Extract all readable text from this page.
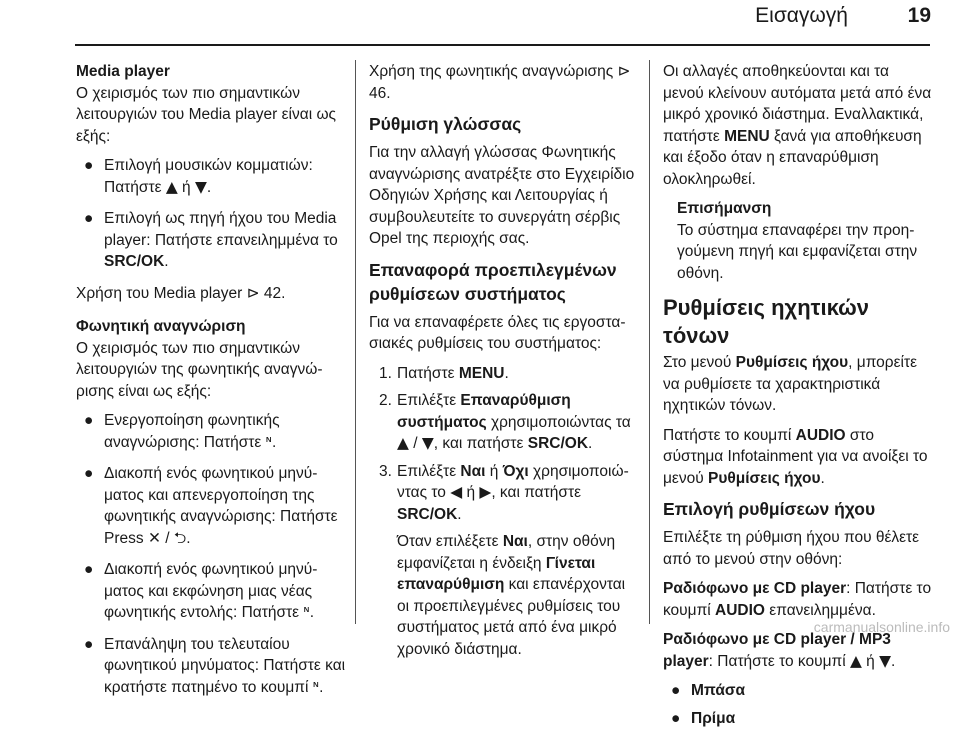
Εισαγωγή	19
Media player

Ο χειρισμός των πιο σημαντικών λειτουργιών του Media player είναι ως εξής:

● Επιλογή μουσικών κομματιών: Πατήστε ▲ ή ▼.
● Επιλογή ως πηγή ήχου του Media player: Πατήστε επανειλημμένα το SRC/OK.

Χρήση του Media player ⊳ 42.

Φωνητική αναγνώριση

Ο χειρισμός των πιο σημαντικών λειτουργιών της φωνητικής αναγνώρισης είναι ως εξής:

● Ενεργοποίηση φωνητικής αναγνώρισης: Πατήστε ᶰ.
● Διακοπή ενός φωνητικού μηνύματος και απενεργοποίηση της φωνητικής αναγνώρισης: Πατήστε Press ✕ / ⮌.
● Διακοπή ενός φωνητικού μηνύματος και εκφώνηση μιας νέας φωνητικής εντολής: Πατήστε ᶰ.
● Επανάληψη του τελευταίου φωνητικού μηνύματος: Πατήστε και κρατήστε πατημένο το κουμπί ᶰ.

Χρήση της φωνητικής αναγνώρισης ⊳ 46.

Ρύθμιση γλώσσας

Για την αλλαγή γλώσσας Φωνητικής αναγνώρισης ανατρέξτε στο Εγχειρίδιο Οδηγιών Χρήσης και Λειτουργίας ή συμβουλευτείτε το συνεργάτη σέρβις Opel της περιοχής σας.

Επαναφορά προεπιλεγμένων ρυθμίσεων συστήματος

Για να επαναφέρετε όλες τις εργοστασιακές ρυθμίσεις του συστήματος:

1. Πατήστε MENU.
2. Επιλέξτε Επαναρύθμιση συστήματος χρησιμοποιώντας τα ▲ / ▼, και πατήστε SRC/OK.
3. Επιλέξτε Ναι ή Όχι χρησιμοποιώντας το ◀ ή ▶, και πατήστε SRC/OK.
Όταν επιλέξετε Ναι, στην οθόνη εμφανίζεται η ένδειξη Γίνεται επαναρύθμιση και επανέρχονται οι προεπιλεγμένες ρυθμίσεις του συστήματος μετά από ένα μικρό χρονικό διάστημα.

Οι αλλαγές αποθηκεύονται και τα μενού κλείνουν αυτόματα μετά από ένα μικρό χρονικό διάστημα. Εναλλακτικά, πατήστε MENU ξανά για αποθήκευση και έξοδο όταν η επαναρύθμιση ολοκληρωθεί.

Επισήμανση
Το σύστημα επαναφέρει την προηγούμενη πηγή και εμφανίζεται στην οθόνη.
Ρυθμίσεις ηχητικών τόνων

Στο μενού Ρυθμίσεις ήχου, μπορείτε να ρυθμίσετε τα χαρακτηριστικά ηχητικών τόνων.

Πατήστε το κουμπί AUDIO στο σύστημα Infotainment για να ανοίξει το μενού Ρυθμίσεις ήχου.

Επιλογή ρυθμίσεων ήχου

Επιλέξτε τη ρύθμιση ήχου που θέλετε από το μενού στην οθόνη:

Ραδιόφωνο με CD player: Πατήστε το κουμπί AUDIO επανειλημμένα.

Ραδιόφωνο με CD player / MP3 player: Πατήστε το κουμπί ▲ ή ▼.

● Μπάσα
● Πρίμα
carmanualsonline.info
